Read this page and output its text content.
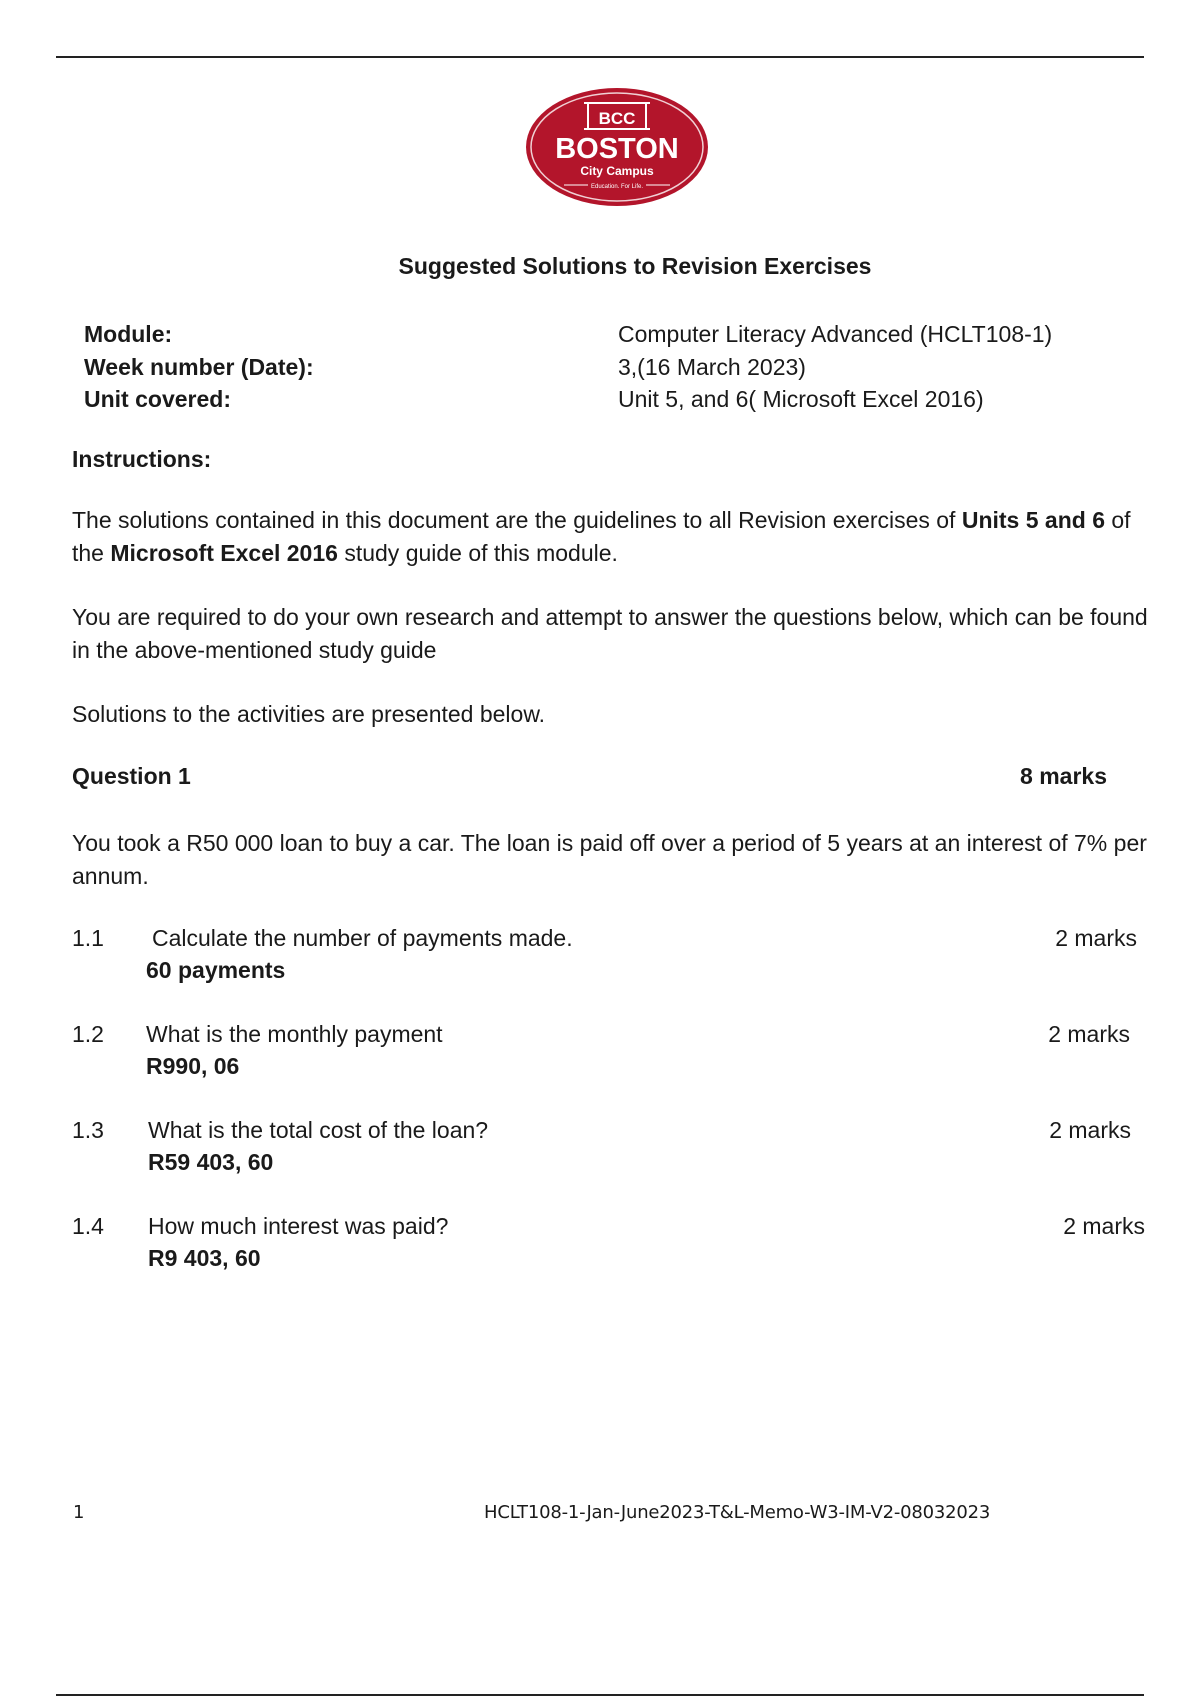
BCC
BOSTON
City Campus
Education. For Life.
Suggested Solutions to Revision Exercises
Module:	Computer Literacy Advanced (HCLT108-1)
Week number (Date):	3,(16 March 2023)
Unit covered:	Unit 5, and 6( Microsoft Excel 2016)
Instructions:
The solutions contained in this document are the guidelines to all Revision exercises of Units 5 and 6 of the Microsoft Excel 2016 study guide of this module.
You are required to do your own research and attempt to answer the questions below, which can be found in the above-mentioned study guide
Solutions to the activities are presented below.
Question 1	8 marks
You took a R50 000 loan to buy a car. The loan is paid off over a period of 5 years at an interest of 7% per annum.
1.1	Calculate the number of payments made.	2 marks
60 payments
1.2	What is the monthly payment	2 marks
R990, 06
1.3	What is the total cost of the loan?	2 marks
R59 403, 60
1.4	How much interest was paid?	2 marks
R9 403, 60
1	HCLT108-1-Jan-June2023-T&L-Memo-W3-IM-V2-08032023
